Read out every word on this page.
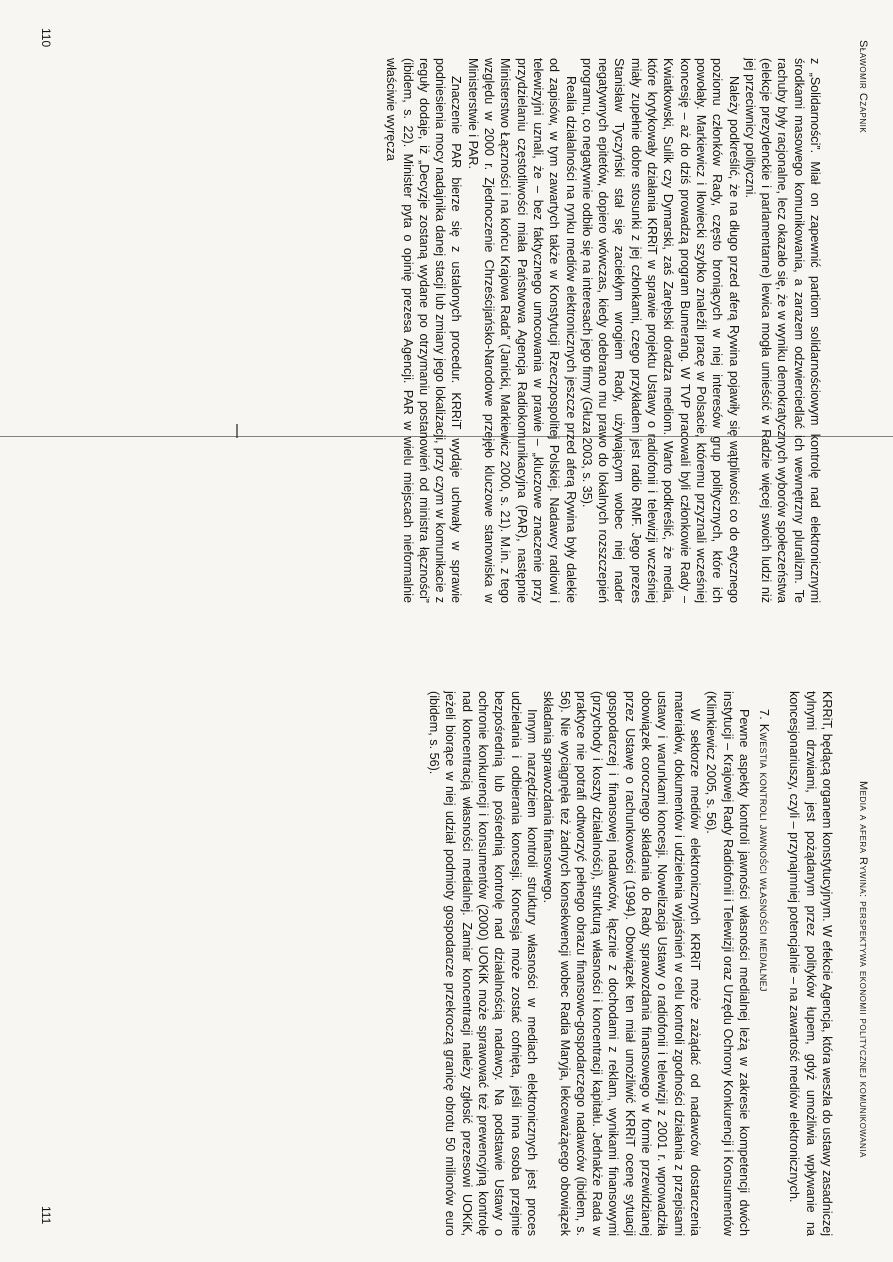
Sławomir Czapnik

z „Solidarności”. Miał on zapewnić partiom solidarnościowym kontrolę nad elektronicznymi środkami masowego komunikowania, a zarazem odzwierciedlać ich wewnętrzny pluralizm. Te rachuby były racjonalne, lecz okazało się, że w wyniku demokratycznych wyborów społeczeństwa (elekcje prezydenckie i parlamentarne) lewica mogła umieścić w Radzie więcej swoich ludzi niż jej przeciwnicy polityczni.

Należy podkreślić, że na długo przed aferą Rywina pojawiły się wątpliwości co do etycznego poziomu członków Rady, często broniących w niej interesów grup politycznych, które ich powołały. Markiewicz i Iłowiecki szybko znaleźli pracę w Polsacie, któremu przyznali wcześniej koncesję – aż do dziś prowadzą program Bumerang. W TVP pracowali byli członkowie Rady – Kwiatkowski, Sulik czy Dymarski, zaś Zarębski doradza mediom. Warto podkreślić, że media, które krytykowały działania KRRiT w sprawie projektu Ustawy o radiofonii i telewizji wcześniej miały zupełnie dobre stosunki z jej członkami, czego przykładem jest radio RMF. Jego prezes Stanisław Tyczyński stał się zaciekłym wrogiem Rady, używającym wobec niej nader negatywnych epitetów, dopiero wówczas, kiedy odebrano mu prawo do lokalnych rozszczepień programu, co negatywnie odbiło się na interesach jego firmy (Głuza 2003, s. 35).

Realia działalności na rynku mediów elektronicznych jeszcze przed aferą Rywina były dalekie od zapisów, w tym zawartych także w Konstytucji Rzeczpospolitej Polskiej. Nadawcy radiowi i telewizyjni uznali, że – bez faktycznego umocowania w prawie – „kluczowe znaczenie przy przydzielaniu częstotliwości miała Państwowa Agencja Radiokomunikacyjna (PAR), następnie Ministerstwo Łączności i na końcu Krajowa Rada” (Janicki, Markiewicz 2000, s. 21). M.in. z tego względu w 2000 r. Zjednoczenie Chrześcijańsko-Narodowe przejęło kluczowe stanowiska w Ministerstwie i PAR.

Znaczenie PAR bierze się z ustalonych procedur. KRRiT wydaje uchwały w sprawie podniesienia mocy nadajnika danej stacji lub zmiany jego lokalizacji, przy czym w komunikacie z reguły dodaje, iż „Decyzje zostaną wydane po otrzymaniu postanowień od ministra łączności” (ibidem, s. 22). Minister pyta o opinię prezesa Agencji. PAR w wielu miejscach nieformalnie właściwie wyręcza

110
Media a afera Rywina: perspektywa ekonomii politycznej komunikowania

KRRiT, będącą organem konstytucyjnym. W efekcie Agencja, która weszła do ustawy zasadniczej tylnymi drzwiami, jest pożądanym przez polityków łupem, gdyż umożliwia wpływanie na koncesjonariuszy, czyli – przynajmniej potencjalnie – na zawartość mediów elektronicznych.

7. Kwestia kontroli jawności własności medialnej

Pewne aspekty kontroli jawności własności medialnej leżą w zakresie kompetencji dwóch instytucji – Krajowej Rady Radiofonii i Telewizji oraz Urzędu Ochrony Konkurencji i Konsumentów (Klimkiewicz 2005, s. 56).

W sektorze mediów elektronicznych KRRiT może zażądać od nadawców dostarczenia materiałów, dokumentów i udzielenia wyjaśnień w celu kontroli zgodności działania z przepisami ustawy i warunkami koncesji. Nowelizacja Ustawy o radiofonii i telewizji z 2001 r. wprowadziła obowiązek corocznego składania do Rady sprawozdania finansowego w formie przewidzianej przez Ustawę o rachunkowości (1994). Obowiązek ten miał umożliwić KRRiT ocenę sytuacji gospodarczej i finansowej nadawców, łącznie z dochodami z reklam, wynikami finansowymi (przychody i koszty działalności), strukturą własności i koncentracji kapitału. Jednakże Rada w praktyce nie potrafi odtworzyć pełnego obrazu finansowo-gospodarczego nadawców (ibidem, s. 56). Nie wyciągnęła też żadnych konsekwencji wobec Radia Maryja, lekceważącego obowiązek składania sprawozdania finansowego.

Innym narzędziem kontroli struktury własności w mediach elektronicznych jest proces udzielania i odbierania koncesji. Koncesja może zostać cofnięta, jeśli inna osoba przejmie bezpośrednią lub pośrednią kontrolę nad działalnością nadawcy. Na podstawie Ustawy o ochronie konkurencji i konsumentów (2000) UOKiK może sprawować też prewencyjną kontrolę nad koncentracją własności medialnej. Zamiar koncentracji należy zgłosić prezesowi UOKiK, jeżeli biorące w niej udział podmioty gospodarcze przekroczą granicę obrotu 50 milionów euro (ibidem, s. 56).

111
